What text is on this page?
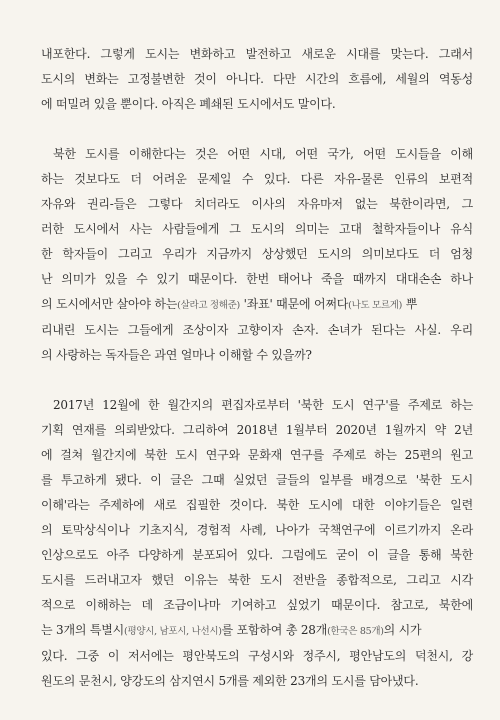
내포한다. 그렇게 도시는 변화하고 발전하고 새로운 시대를 맞는다. 그래서
도시의 변화는 고정불변한 것이 아니다. 다만 시간의 흐름에, 세월의 역동성
에 떠밀려 있을 뿐이다. 아직은 폐쇄된 도시에서도 말이다.
북한 도시를 이해한다는 것은 어떤 시대, 어떤 국가, 어떤 도시들을 이해
하는 것보다도 더 어려운 문제일 수 있다. 다른 자유-물론 인류의 보편적
자유와 권리-들은 그렇다 치더라도 이사의 자유마저 없는 북한이라면, 그
러한 도시에서 사는 사람들에게 그 도시의 의미는 고대 철학자들이나 유식
한 학자들이 그리고 우리가 지금까지 상상했던 도시의 의미보다도 더 엄청
난 의미가 있을 수 있기 때문이다. 한번 태어나 죽을 때까지 대대손손 하나
의 도시에서만 살아야 하는(살라고 정해준) '좌표' 때문에 어쩌다(나도 모르게) 뿌
리내린 도시는 그들에게 조상이자 고향이자 손자. 손녀가 된다는 사실. 우리
의 사랑하는 독자들은 과연 얼마나 이해할 수 있을까?
2017년 12월에 한 월간지의 편집자로부터 '북한 도시 연구'를 주제로 하는
기획 연재를 의뢰받았다. 그리하여 2018년 1월부터 2020년 1월까지 약 2년
에 걸쳐 월간지에 북한 도시 연구와 문화재 연구를 주제로 하는 25편의 원고
를 투고하게 됐다. 이 글은 그때 실었던 글들의 일부를 배경으로 '북한 도시
이해'라는 주제하에 새로 집필한 것이다. 북한 도시에 대한 이야기들은 일련
의 토막상식이나 기초지식, 경험적 사례, 나아가 국책연구에 이르기까지 온라
인상으로도 아주 다양하게 분포되어 있다. 그럼에도 굳이 이 글을 통해 북한
도시를 드러내고자 했던 이유는 북한 도시 전반을 종합적으로, 그리고 시각
적으로 이해하는 데 조금이나마 기여하고 싶었기 때문이다. 참고로, 북한에
는 3개의 특별시(평양시, 남포시, 나선시)를 포함하여 총 28개(한국은 85개)의 시가
있다. 그중 이 저서에는 평안북도의 구성시와 정주시, 평안남도의 덕천시, 강
원도의 문천시, 양강도의 삼지연시 5개를 제외한 23개의 도시를 담아냈다.
